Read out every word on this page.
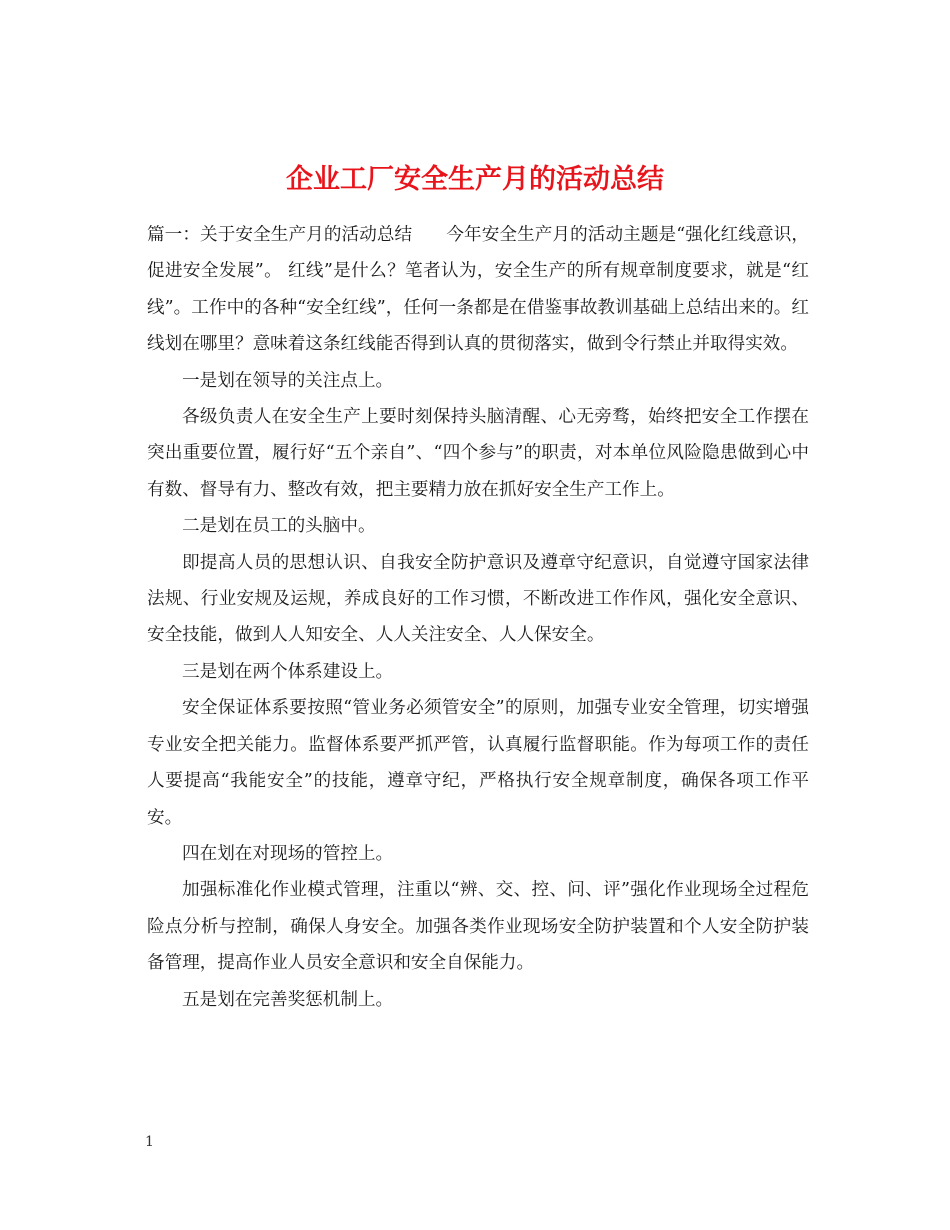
企业工厂安全生产月的活动总结

篇一：关于安全生产月的活动总结 今年安全生产月的活动主题是“强化红线意识，促进安全发展”。 红线”是什么？笔者认为，安全生产的所有规章制度要求，就是“红线”。工作中的各种“安全红线”，任何一条都是在借鉴事故教训基础上总结出来的。红线划在哪里？意味着这条红线能否得到认真的贯彻落实，做到令行禁止并取得实效。

一是划在领导的关注点上。

各级负责人在安全生产上要时刻保持头脑清醒、心无旁骛，始终把安全工作摆在突出重要位置，履行好“五个亲自”、“四个参与”的职责，对本单位风险隐患做到心中有数、督导有力、整改有效，把主要精力放在抓好安全生产工作上。

二是划在员工的头脑中。

即提高人员的思想认识、自我安全防护意识及遵章守纪意识，自觉遵守国家法律法规、行业安规及运规，养成良好的工作习惯，不断改进工作作风，强化安全意识、安全技能，做到人人知安全、人人关注安全、人人保安全。

三是划在两个体系建设上。

安全保证体系要按照“管业务必须管安全”的原则，加强专业安全管理，切实增强专业安全把关能力。监督体系要严抓严管，认真履行监督职能。作为每项工作的责任人要提高“我能安全”的技能，遵章守纪，严格执行安全规章制度，确保各项工作平安。

四在划在对现场的管控上。

加强标准化作业模式管理，注重以“辨、交、控、问、评”强化作业现场全过程危险点分析与控制，确保人身安全。加强各类作业现场安全防护装置和个人安全防护装备管理，提高作业人员安全意识和安全自保能力。

五是划在完善奖惩机制上。

1
